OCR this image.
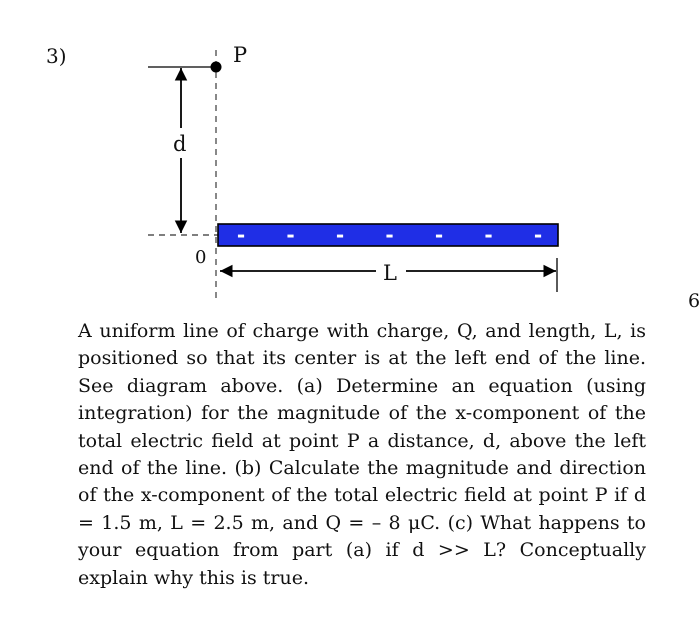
3)
6
P
d
0
- - - - - - -
L

A uniform line of charge with charge, Q, and length, L, is positioned so that its center is at the left end of the line. See diagram above. (a) Determine an equation (using integration) for the magnitude of the x-component of the total electric field at point P a distance, d, above the left end of the line. (b) Calculate the magnitude and direction of the x-component of the total electric field at point P if d = 1.5 m, L = 2.5 m, and Q = – 8 μC. (c) What happens to your equation from part (a) if d >> L? Conceptually explain why this is true.
